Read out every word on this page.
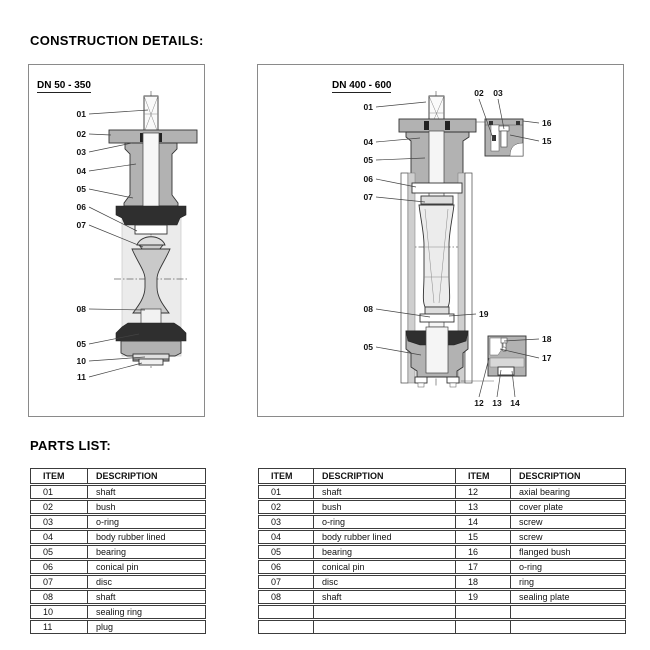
CONSTRUCTION DETAILS:
01
02
03
04
05
06
07
08
05
10
11
DN 50 - 350
01
04
05
06
07
08	19
05
02 03
16
15
18
17
12 13 14
DN 400 - 600
PARTS LIST:
ITEM	DESCRIPTION
01	shaft
02	bush
03	o-ring
04	body rubber lined
05	bearing
06	conical pin
07	disc
08	shaft
10	sealing ring
11	plug
ITEM	DESCRIPTION	ITEM	DESCRIPTION
01	shaft	12	axial bearing
02	bush	13	cover plate
03	o-ring	14	screw
04	body rubber lined	15	screw
05	bearing	16	flanged bush
06	conical pin	17	o-ring
07	disc	18	ring
08	shaft	19	sealing plate
